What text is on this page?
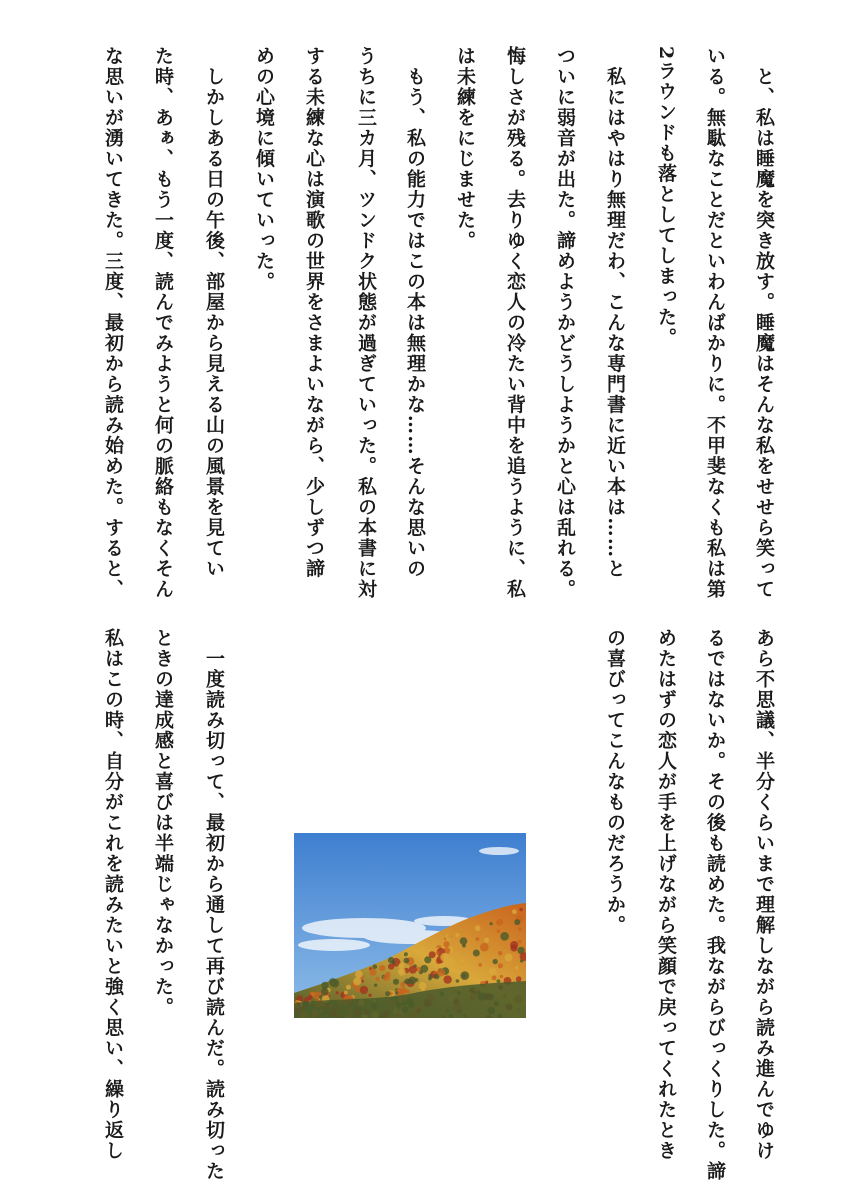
　と、私は睡魔を突き放す。睡魔はそんな私をせせら笑って

いる。無駄なことだといわんばかりに。不甲斐なくも私は第

2ラウンドも落としてしまった。

　私にはやはり無理だわ、こんな専門書に近い本は……と

ついに弱音が出た。諦めようかどうしようかと心は乱れる。

悔しさが残る。去りゆく恋人の冷たい背中を追うように、私

は未練をにじませた。

　もう、私の能力ではこの本は無理かな……そんな思いの

うちに三カ月、ツンドク状態が過ぎていった。私の本書に対

する未練な心は演歌の世界をさまよいながら、少しずつ諦

めの心境に傾いていった。

　しかしある日の午後、部屋から見える山の風景を見てい

た時、あぁ、もう一度、読んでみようと何の脈絡もなくそん

な思いが湧いてきた。三度、最初から読み始めた。すると、

あら不思議、半分くらいまで理解しながら読み進んでゆけ

るではないか。その後も読めた。我ながらびっくりした。諦

めたはずの恋人が手を上げながら笑顔で戻ってくれたとき

の喜びってこんなものだろうか。

　一度読み切って、最初から通して再び読んだ。読み切った

ときの達成感と喜びは半端じゃなかった。

私はこの時、自分がこれを読みたいと強く思い、繰り返し
